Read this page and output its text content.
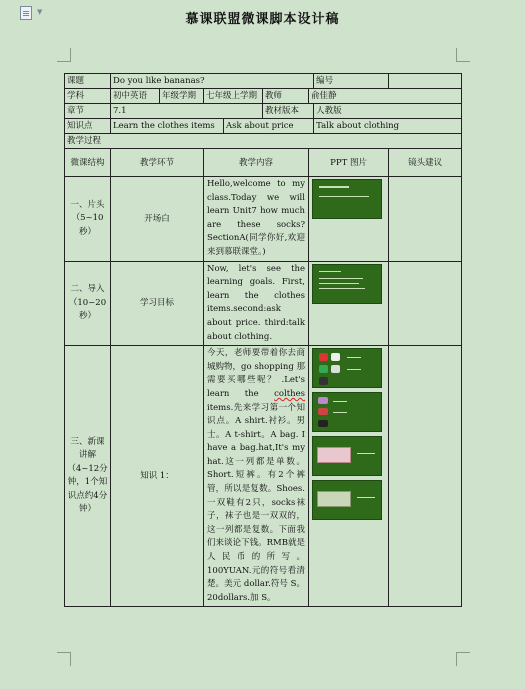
▼	慕课联盟微课脚本设计稿
课题	Do you like bananas?						编号	
学科	初中英语	年级学期	七年级上学期		教师	俞佳静		
章节	7.1				教材版本		人教版	
知识点	Learn the clothes items			Ask about price			Talk about clothing	
教学过程								
微课结构	教学环节		教学内容			PPT 图片		镜头建议
一、片头（5~10秒）	开场白		Hello,welcome to my class.Today we will learn Unit7 how much are these socks? SectionA(同学你好,欢迎来到慕联课堂。)				

二、导入（10~20秒）	学习目标		Now, let's see the learning goals. First, learn the clothes items.second:ask about price. third:talk about clothing.				

三、新课讲解（4~12分钟，1个知识点约4分钟）	知识 1：		今天，老师要带着你去商城购物，go shopping 那需要买哪些呢？ .Let's learn the colthes items.先来学习第一个知识点。A shirt.衬衫。男士。A t-shirt。A bag. I have a bag.hat,It's my hat.这一列都是单数。Short.短裤。有2个裤管，所以是复数。Shoes.一双鞋有2只，socks袜子，袜子也是一双双的，这一列都是复数。下面我们来谈论下钱。RMB就是人民币的所写。100YUAN.元的符号看清楚。美元 dollar.符号 S。20dollars.加 S。				
